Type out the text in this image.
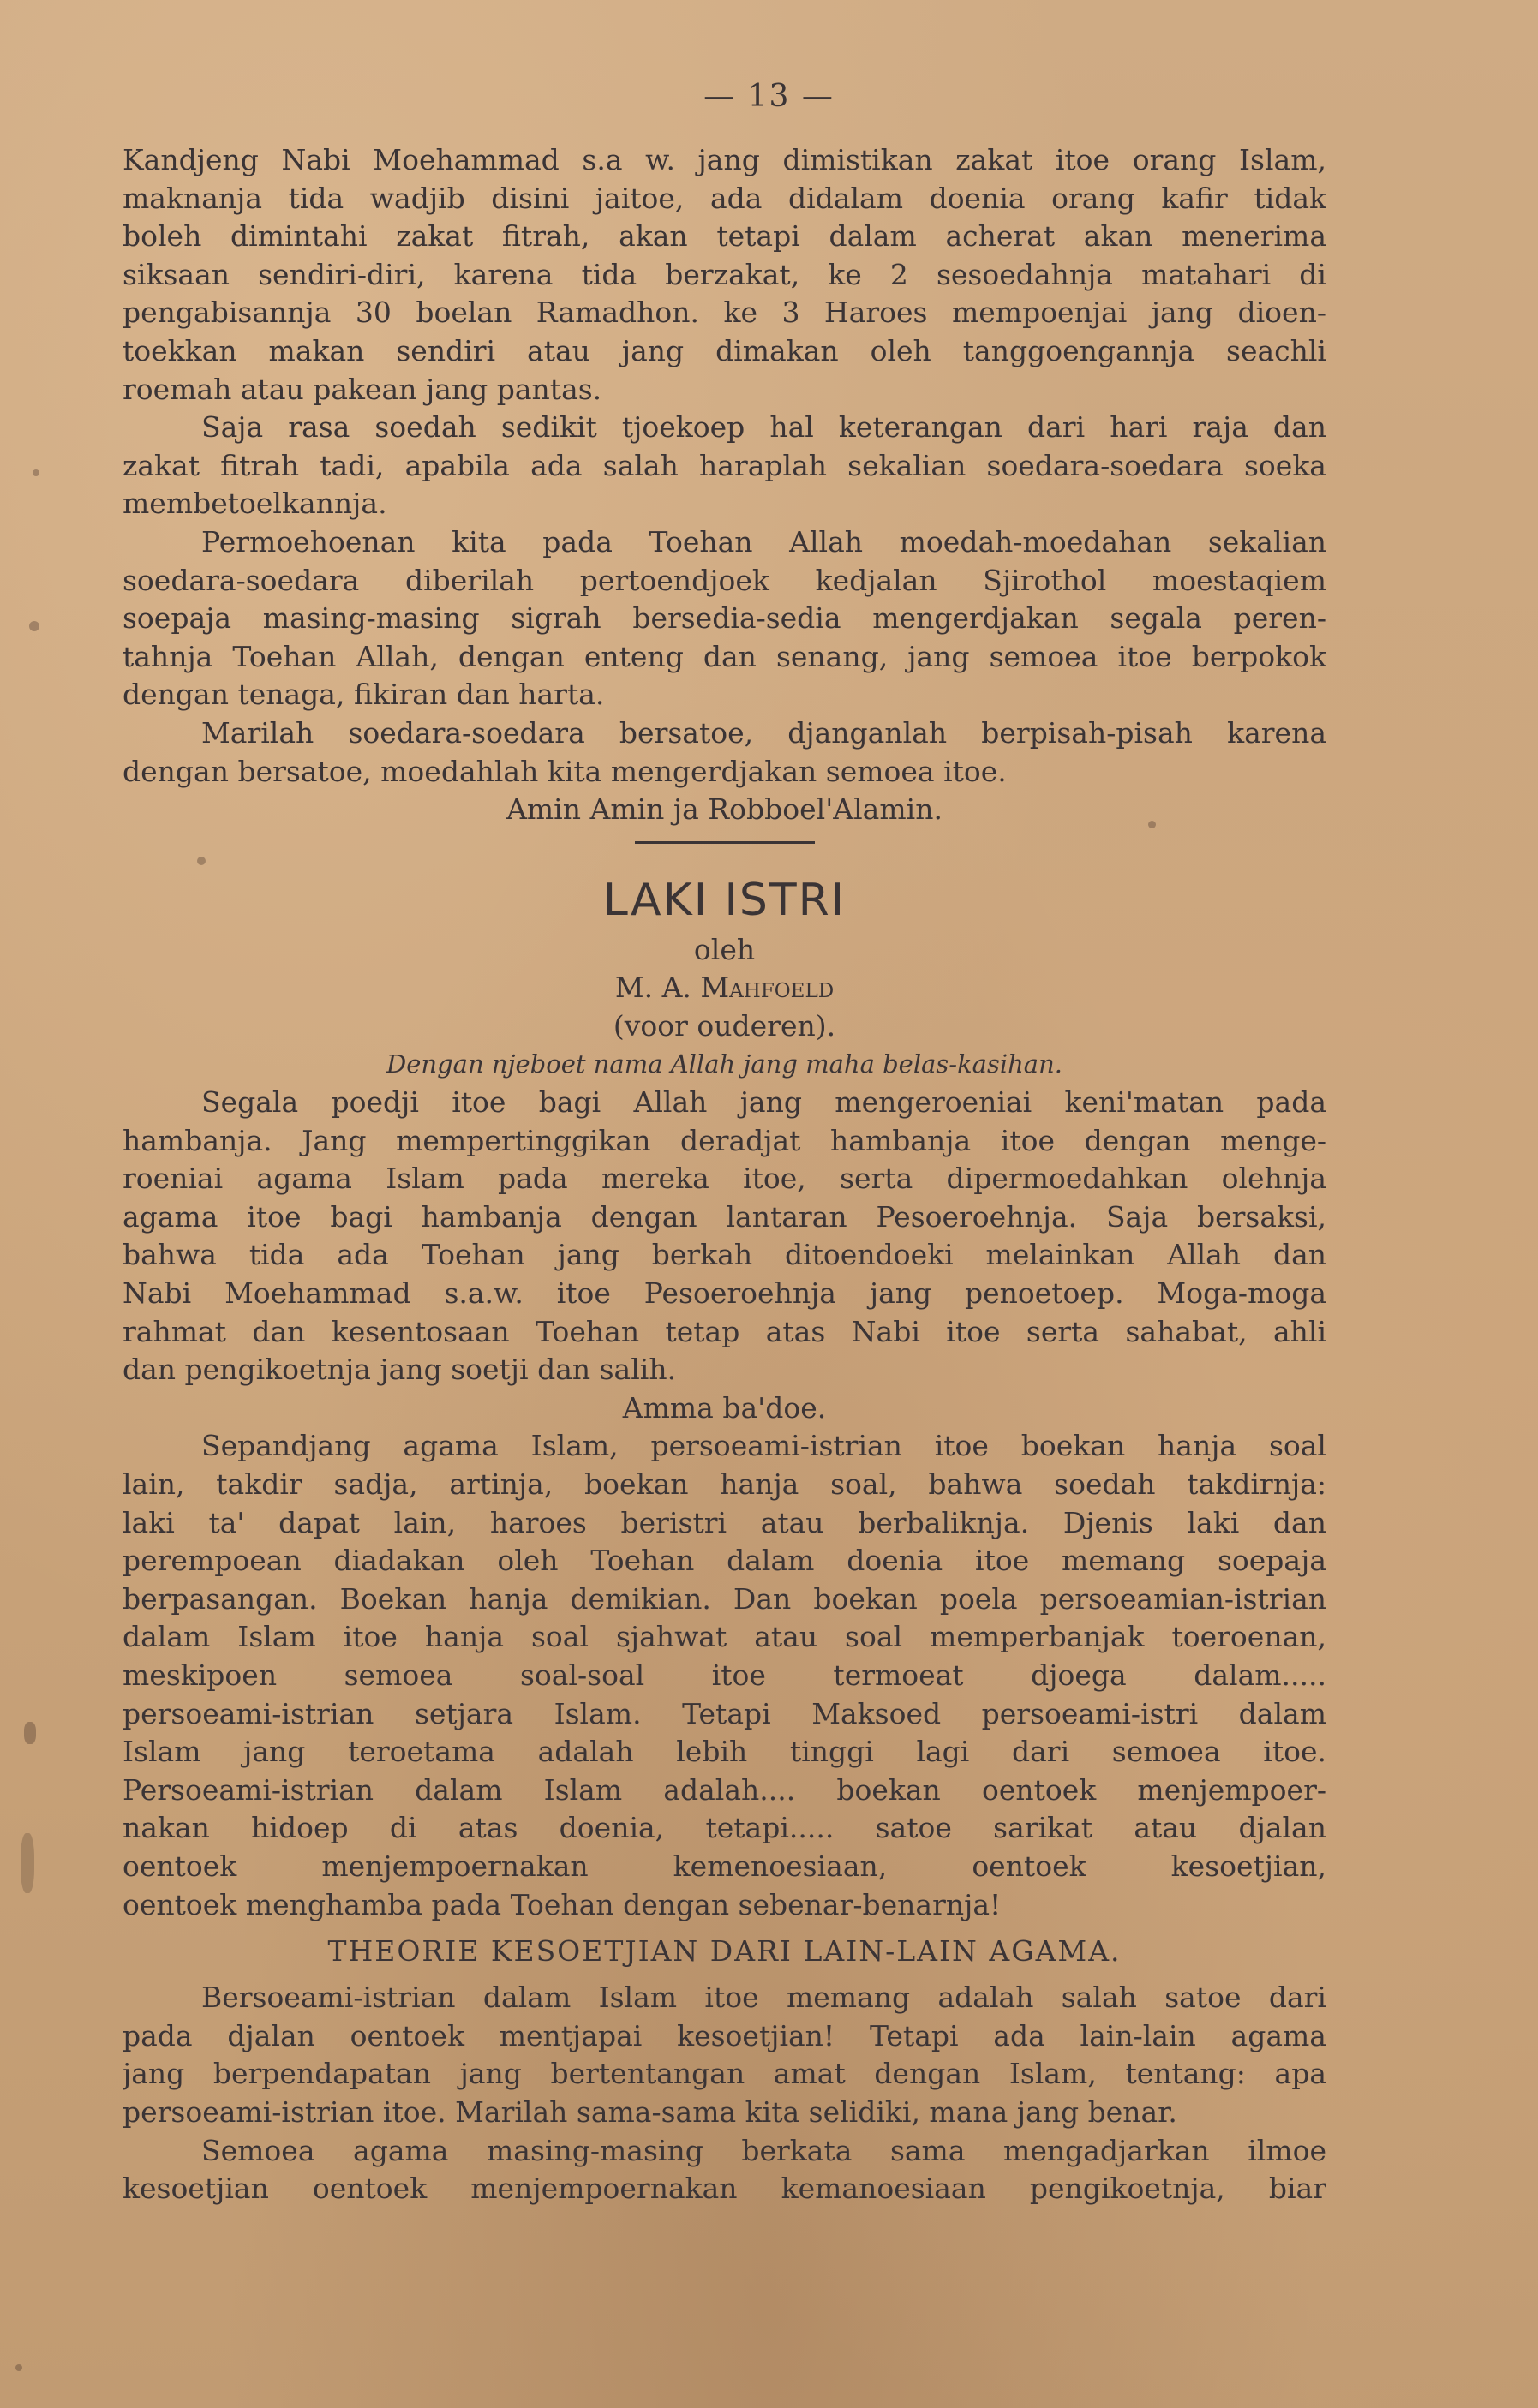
— 13 —
Kandjeng Nabi Moehammad s.a w. jang dimistikan zakat itoe orang Islam,
maknanja tida wadjib disini jaitoe, ada didalam doenia orang kafir tidak
boleh dimintahi zakat fitrah, akan tetapi dalam acherat akan menerima
siksaan sendiri-diri, karena tida berzakat, ke 2 sesoedahnja matahari di
pengabisannja 30 boelan Ramadhon. ke 3 Haroes mempoenjai jang dioen-
toekkan makan sendiri atau jang dimakan oleh tanggoengannja seachli
roemah atau pakean jang pantas.
Saja rasa soedah sedikit tjoekoep hal keterangan dari hari raja dan
zakat fitrah tadi, apabila ada salah haraplah sekalian soedara-soedara soeka
membetoelkannja.
Permoehoenan kita pada Toehan Allah moedah-moedahan sekalian
soedara-soedara diberilah pertoendjoek kedjalan Sjirothol moestaqiem
soepaja masing-masing sigrah bersedia-sedia mengerdjakan segala peren-
tahnja Toehan Allah, dengan enteng dan senang, jang semoea itoe berpokok
dengan tenaga, fikiran dan harta.
Marilah soedara-soedara bersatoe, djanganlah berpisah-pisah karena
dengan bersatoe, moedahlah kita mengerdjakan semoea itoe.
Amin Amin ja Robboel'Alamin.
LAKI ISTRI
oleh
M. A. Mahfoeld
(voor ouderen).
Dengan njeboet nama Allah jang maha belas-kasihan.
Segala poedji itoe bagi Allah jang mengeroeniai keni'matan pada
hambanja. Jang mempertinggikan deradjat hambanja itoe dengan menge-
roeniai agama Islam pada mereka itoe, serta dipermoedahkan olehnja
agama itoe bagi hambanja dengan lantaran Pesoeroehnja. Saja bersaksi,
bahwa tida ada Toehan jang berkah ditoendoeki melainkan Allah dan
Nabi Moehammad s.a.w. itoe Pesoeroehnja jang penoetoep. Moga-moga
rahmat dan kesentosaan Toehan tetap atas Nabi itoe serta sahabat, ahli
dan pengikoetnja jang soetji dan salih.
Amma ba'doe.
Sepandjang agama Islam, persoeami-istrian itoe boekan hanja soal
lain, takdir sadja, artinja, boekan hanja soal, bahwa soedah takdirnja:
laki ta' dapat lain, haroes beristri atau berbaliknja. Djenis laki dan
perempoean diadakan oleh Toehan dalam doenia itoe memang soepaja
berpasangan. Boekan hanja demikian. Dan boekan poela persoeamian-istrian
dalam Islam itoe hanja soal sjahwat atau soal memperbanjak toeroenan,
meskipoen semoea soal-soal itoe termoeat djoega dalam.....
persoeami-istrian setjara Islam. Tetapi Maksoed persoeami-istri dalam
Islam jang teroetama adalah lebih tinggi lagi dari semoea itoe.
Persoeami-istrian dalam Islam adalah.... boekan oentoek menjempoer-
nakan hidoep di atas doenia, tetapi..... satoe sarikat atau djalan
oentoek menjempoernakan kemenoesiaan, oentoek kesoetjian,
oentoek menghamba pada Toehan dengan sebenar-benarnja!
THEORIE KESOETJIAN DARI LAIN-LAIN AGAMA.
Bersoeami-istrian dalam Islam itoe memang adalah salah satoe dari
pada djalan oentoek mentjapai kesoetjian! Tetapi ada lain-lain agama
jang berpendapatan jang bertentangan amat dengan Islam, tentang: apa
persoeami-istrian itoe. Marilah sama-sama kita selidiki, mana jang benar.
Semoea agama masing-masing berkata sama mengadjarkan ilmoe
kesoetjian oentoek menjempoernakan kemanoesiaan pengikoetnja, biar
